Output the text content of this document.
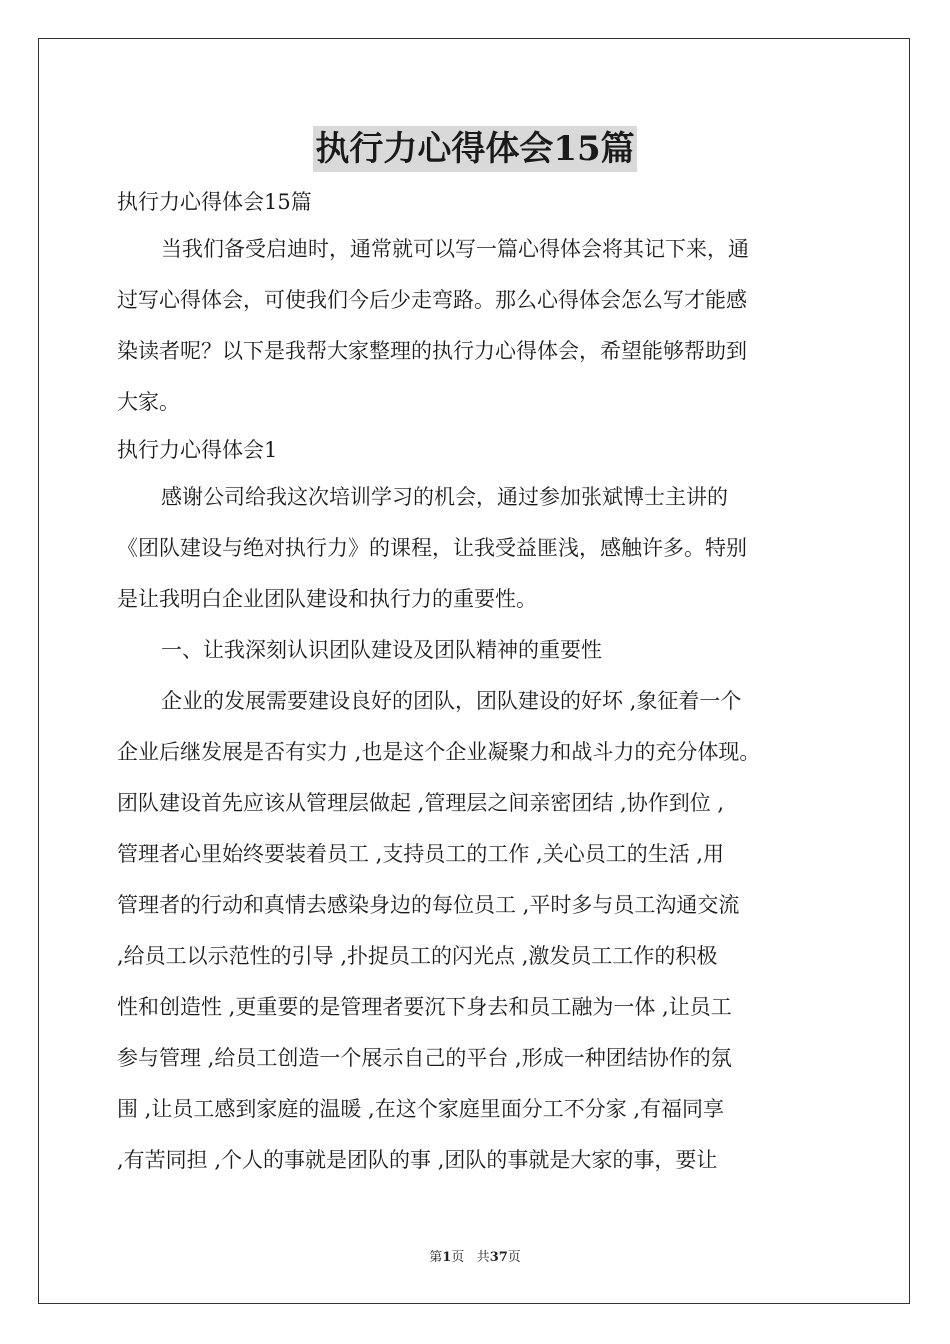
执行力心得体会15篇
执行力心得体会15篇
当我们备受启迪时，通常就可以写一篇心得体会将其记下来，通
过写心得体会，可使我们今后少走弯路。那么心得体会怎么写才能感
染读者呢？以下是我帮大家整理的执行力心得体会，希望能够帮助到
大家。
执行力心得体会1
感谢公司给我这次培训学习的机会，通过参加张斌博士主讲的
《团队建设与绝对执行力》的课程，让我受益匪浅，感触许多。特别
是让我明白企业团队建设和执行力的重要性。
一、让我深刻认识团队建设及团队精神的重要性
企业的发展需要建设良好的团队，团队建设的好坏 ,象征着一个
企业后继发展是否有实力 ,也是这个企业凝聚力和战斗力的充分体现。
团队建设首先应该从管理层做起 ,管理层之间亲密团结 ,协作到位 ,
管理者心里始终要装着员工 ,支持员工的工作 ,关心员工的生活 ,用
管理者的行动和真情去感染身边的每位员工 ,平时多与员工沟通交流
,给员工以示范性的引导 ,扑捉员工的闪光点 ,激发员工工作的积极
性和创造性 ,更重要的是管理者要沉下身去和员工融为一体 ,让员工
参与管理 ,给员工创造一个展示自己的平台 ,形成一种团结协作的氛
围 ,让员工感到家庭的温暖 ,在这个家庭里面分工不分家 ,有福同享
,有苦同担 ,个人的事就是团队的事 ,团队的事就是大家的事，要让
第1页 共37页
